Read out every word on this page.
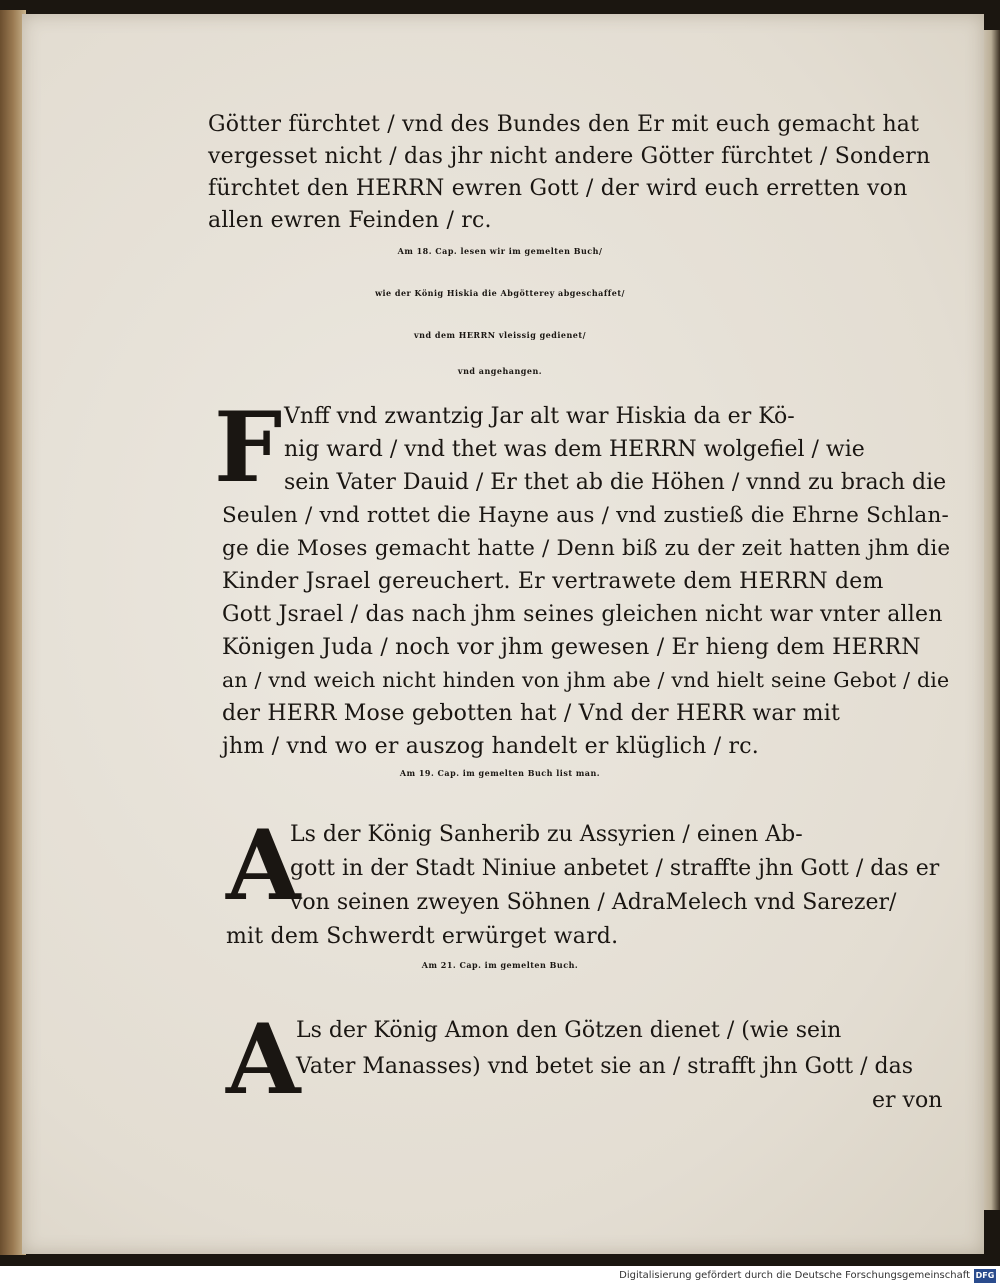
Götter fürchtet / vnd des Bundes den Er mit euch gemacht hat
vergesset nicht / das jhr nicht andere Götter fürchtet / Sondern
fürchtet den HERRN ewren Gott / der wird euch erretten von
allen ewren Feinden / rc.
Am 18. Cap. lesen wir im gemelten Buch/
wie der König Hiskia die Abgötterey abgeschaffet/
vnd dem HERRN vleissig gedienet/
vnd angehangen.
F Vnff vnd zwantzig Jar alt war Hiskia da er Kö-
nig ward / vnd thet was dem HERRN wolgefiel / wie
sein Vater Dauid / Er thet ab die Höhen / vnnd zu brach die
Seulen / vnd rottet die Hayne aus / vnd zustieß die Ehrne Schlan-
ge die Moses gemacht hatte / Denn biß zu der zeit hatten jhm die
Kinder Jsrael gereuchert. Er vertrawete dem HERRN dem
Gott Jsrael / das nach jhm seines gleichen nicht war vnter allen
Königen Juda / noch vor jhm gewesen / Er hieng dem HERRN
an / vnd weich nicht hinden von jhm abe / vnd hielt seine Gebot / die
der HERR Mose gebotten hat / Vnd der HERR war mit
jhm / vnd wo er auszog handelt er klüglich / rc.
Am 19. Cap. im gemelten Buch list man.
A
Ls der König Sanherib zu Assyrien / einen Ab-
gott in der Stadt Niniue anbetet / straffte jhn Gott / das er
von seinen zweyen Söhnen / AdraMelech vnd Sarezer/
mit dem Schwerdt erwürget ward.
Am 21. Cap. im gemelten Buch.
A
Ls der König Amon den Götzen dienet / (wie sein
Vater Manasses) vnd betet sie an / strafft jhn Gott / das
er von
Digitalisierung gefördert durch die Deutsche Forschungsgemeinschaft DFG
